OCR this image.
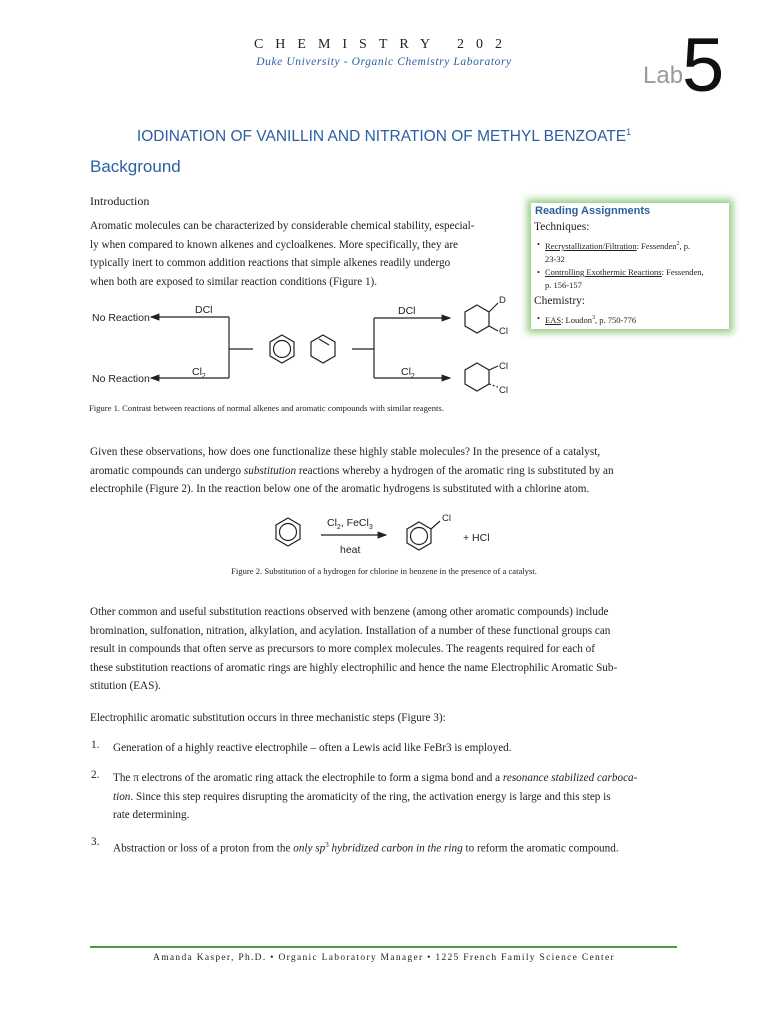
CHEMISTRY 202
Duke University - Organic Chemistry Laboratory	Lab
5
IODINATION OF VANILLIN AND NITRATION OF METHYL BENZOATE$^1$
Background
Introduction
Aromatic molecules can be characterized by considerable chemical stability, especial-
ly when compared to known alkenes and cycloalkenes. More specifically, they are
typically inert to common addition reactions that simple alkenes readily undergo
when both are exposed to similar reaction conditions (Figure 1).
Reading Assignments
Techniques:
• Recrystallization/Filtration: Fessenden$^2$, p.
23-32
• Controlling Exothermic Reactions: Fessenden,
p. 156-157
Chemistry:
• EAS: Loudon$^3$, p. 750-776
No Reaction
No Reaction
DCl
$Cl_2$
DCl
$Cl_2$
D
Cl
Cl
Cl
Figure 1. Contrast between reactions of normal alkenes and aromatic compounds with similar reagents.
Given these observations, how does one functionalize these highly stable molecules? In the presence of a catalyst,
aromatic compounds can undergo substitution reactions whereby a hydrogen of the aromatic ring is substituted by an
electrophile (Figure 2). In the reaction below one of the aromatic hydrogens is substituted with a chlorine atom.
$Cl_2$, FeCl$_3$
heat
Cl
+ HCl
Figure 2. Substitution of a hydrogen for chlorine in benzene in the presence of a catalyst.
Other common and useful substitution reactions observed with benzene (among other aromatic compounds) include
bromination, sulfonation, nitration, alkylation, and acylation. Installation of a number of these functional groups can
result in compounds that often serve as precursors to more complex molecules. The reagents required for each of
these substitution reactions of aromatic rings are highly electrophilic and hence the name Electrophilic Aromatic Sub-
stitution (EAS).
Electrophilic aromatic substitution occurs in three mechanistic steps (Figure 3):
1. Generation of a highly reactive electrophile – often a Lewis acid like FeBr3 is employed.
2. The π electrons of the aromatic ring attack the electrophile to form a sigma bond and a resonance stabilized carboca-
tion. Since this step requires disrupting the aromaticity of the ring, the activation energy is large and this step is
rate determining.
3.
Abstraction or loss of a proton from the only $sp^3$ hybridized carbon in the ring to reform the aromatic compound.
Amanda Kasper, Ph.D. • Organic Laboratory Manager • 1225 French Family Science Center
